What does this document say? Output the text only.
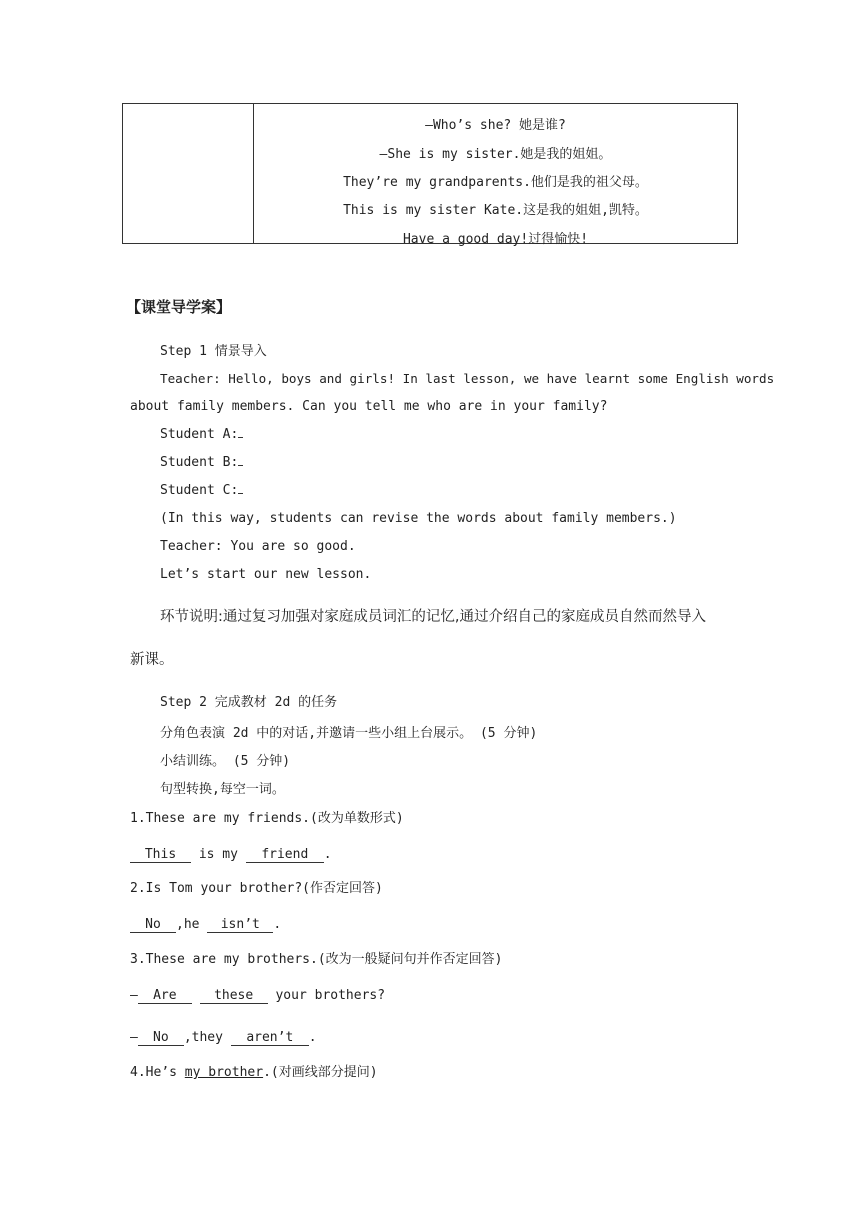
—Who’s she? 她是谁?
—She is my sister.她是我的姐姐。
They’re my grandparents.他们是我的祖父母。
This is my sister Kate.这是我的姐姐,凯特。
Have a good day!过得愉快!
【课堂导学案】
Step 1 情景导入
Teacher: Hello, boys and girls! In last lesson, we have learnt some English words
about family members. Can you tell me who are in your family?
Student A:
Student B:
Student C:
(In this way, students can revise the words about family members.)
Teacher: You are so good.
Let’s start our new lesson.
环节说明:通过复习加强对家庭成员词汇的记忆,通过介绍自己的家庭成员自然而然导入
新课。
Step 2 完成教材 2d 的任务
分角色表演 2d 中的对话,并邀请一些小组上台展示。 (5 分钟)
小结训练。 (5 分钟)
句型转换,每空一词。
1.These are my friends.(改为单数形式)
This is my friend .
2.Is Tom your brother?(作否定回答)
No ,he isn’t .
3.These are my brothers.(改为一般疑问句并作否定回答)
— Are	these your brothers?
— No ,they aren’t .
4.He’s my brother.(对画线部分提问)
